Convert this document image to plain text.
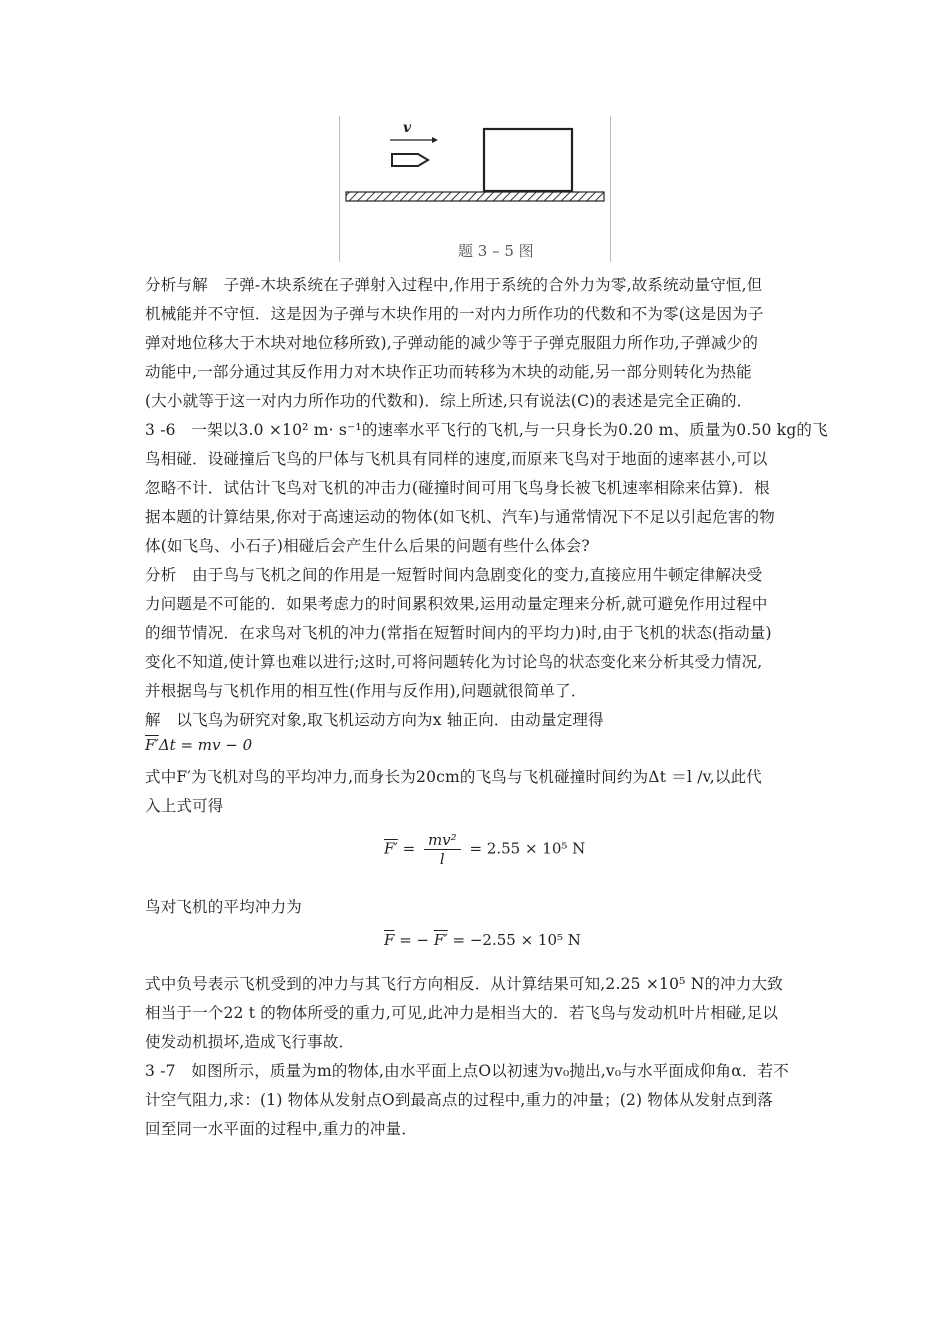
v
题 3 – 5 图
分析与解　子弹-木块系统在子弹射入过程中,作用于系统的合外力为零,故系统动量守恒,但
机械能并不守恒．这是因为子弹与木块作用的一对内力所作功的代数和不为零(这是因为子
弹对地位移大于木块对地位移所致),子弹动能的减少等于子弹克服阻力所作功,子弹减少的
动能中,一部分通过其反作用力对木块作正功而转移为木块的动能,另一部分则转化为热能
(大小就等于这一对内力所作功的代数和)．综上所述,只有说法(C)的表述是完全正确的．
3 -6　一架以3.0 ×10² m· s⁻¹的速率水平飞行的飞机,与一只身长为0.20 m、质量为0.50 kg的飞
鸟相碰．设碰撞后飞鸟的尸体与飞机具有同样的速度,而原来飞鸟对于地面的速率甚小,可以
忽略不计．试估计飞鸟对飞机的冲击力(碰撞时间可用飞鸟身长被飞机速率相除来估算)．根
据本题的计算结果,你对于高速运动的物体(如飞机、汽车)与通常情况下不足以引起危害的物
体(如飞鸟、小石子)相碰后会产生什么后果的问题有些什么体会?
分析　由于鸟与飞机之间的作用是一短暂时间内急剧变化的变力,直接应用牛顿定律解决受
力问题是不可能的．如果考虑力的时间累积效果,运用动量定理来分析,就可避免作用过程中
的细节情况．在求鸟对飞机的冲力(常指在短暂时间内的平均力)时,由于飞机的状态(指动量)
变化不知道,使计算也难以进行;这时,可将问题转化为讨论鸟的状态变化来分析其受力情况,
并根据鸟与飞机作用的相互性(作用与反作用),问题就很简单了．
解　以飞鸟为研究对象,取飞机运动方向为x 轴正向．由动量定理得
F′Δt = mv − 0
式中F′为飞机对鸟的平均冲力,而身长为20cm的飞鸟与飞机碰撞时间约为Δt ＝l /v,以此代
入上式可得
$F' = \frac{\text{mv²}}{l} = 2.55 \times 10^5$ N
鸟对飞机的平均冲力为
$\overline{F}$ = − F′ = −2.55 × 10⁵ N
式中负号表示飞机受到的冲力与其飞行方向相反．从计算结果可知,2.25 ×10⁵ N的冲力大致
相当于一个22 t 的物体所受的重力,可见,此冲力是相当大的．若飞鸟与发动机叶片相碰,足以
使发动机损坏,造成飞行事故．
3 -7　如图所示，质量为m的物体,由水平面上点O以初速为v₀抛出,v₀与水平面成仰角α．若不
计空气阻力,求：(1) 物体从发射点O到最高点的过程中,重力的冲量；(2) 物体从发射点到落
回至同一水平面的过程中,重力的冲量．
